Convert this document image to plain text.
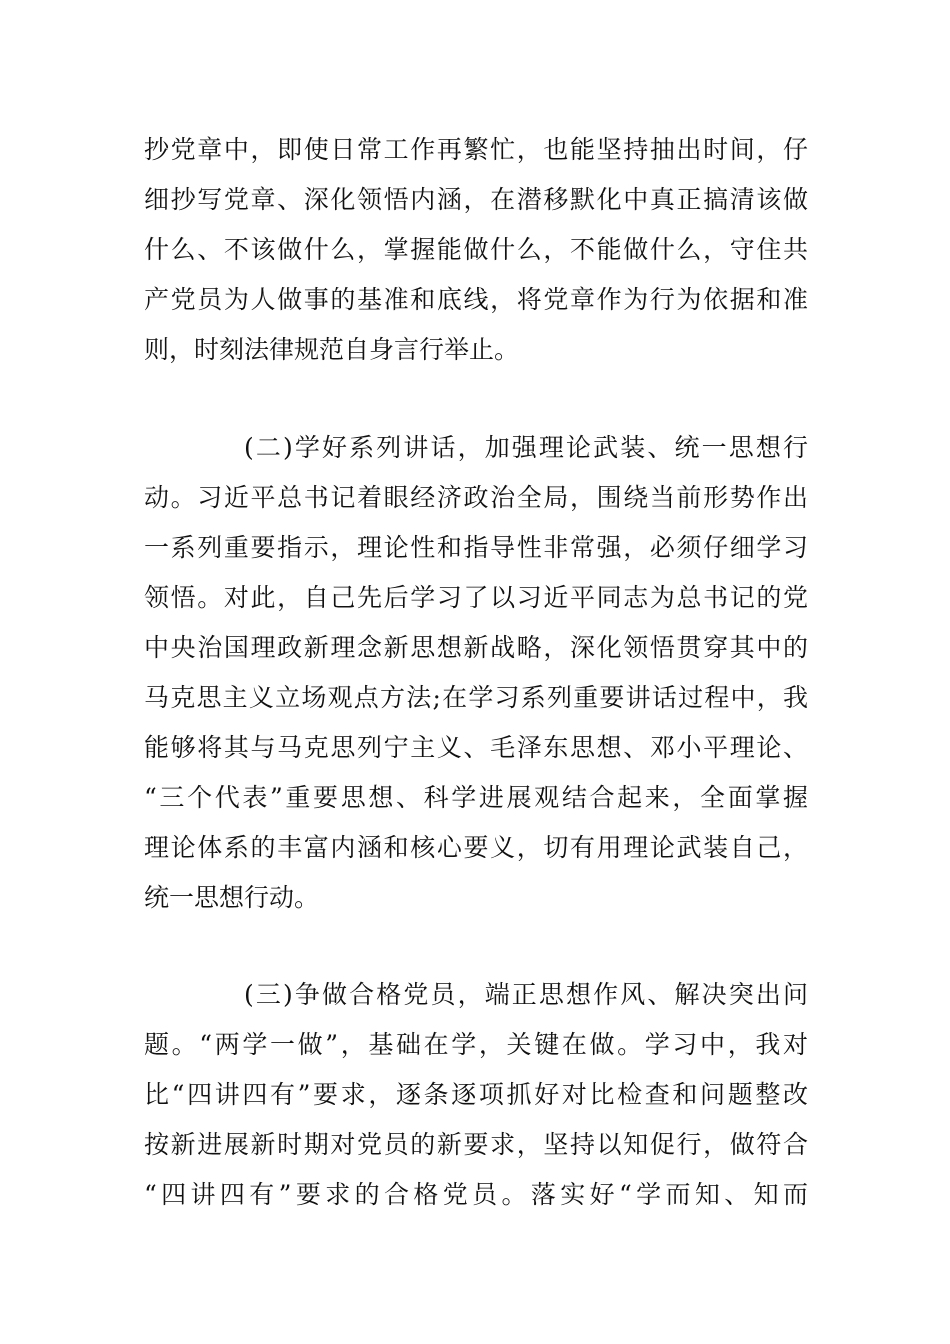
抄党章中，即使日常工作再繁忙，也能坚持抽出时间，仔
细抄写党章、深化领悟内涵，在潜移默化中真正搞清该做
什么、不该做什么，掌握能做什么，不能做什么，守住共
产党员为人做事的基准和底线，将党章作为行为依据和准
则，时刻法律规范自身言行举止。
(二)学好系列讲话，加强理论武装、统一思想行
动。习近平总书记着眼经济政治全局，围绕当前形势作出
一系列重要指示，理论性和指导性非常强，必须仔细学习
领悟。对此，自己先后学习了以习近平同志为总书记的党
中央治国理政新理念新思想新战略，深化领悟贯穿其中的
马克思主义立场观点方法;在学习系列重要讲话过程中，我
能够将其与马克思列宁主义、毛泽东思想、邓小平理论、
“三个代表”重要思想、科学进展观结合起来，全面掌握
理论体系的丰富内涵和核心要义，切有用理论武装自己，
统一思想行动。
(三)争做合格党员，端正思想作风、解决突出问
题。“两学一做”，基础在学，关键在做。学习中，我对
比“四讲四有”要求，逐条逐项抓好对比检查和问题整改
按新进展新时期对党员的新要求，坚持以知促行，做符合
“四讲四有”要求的合格党员。落实好“学而知、知而
